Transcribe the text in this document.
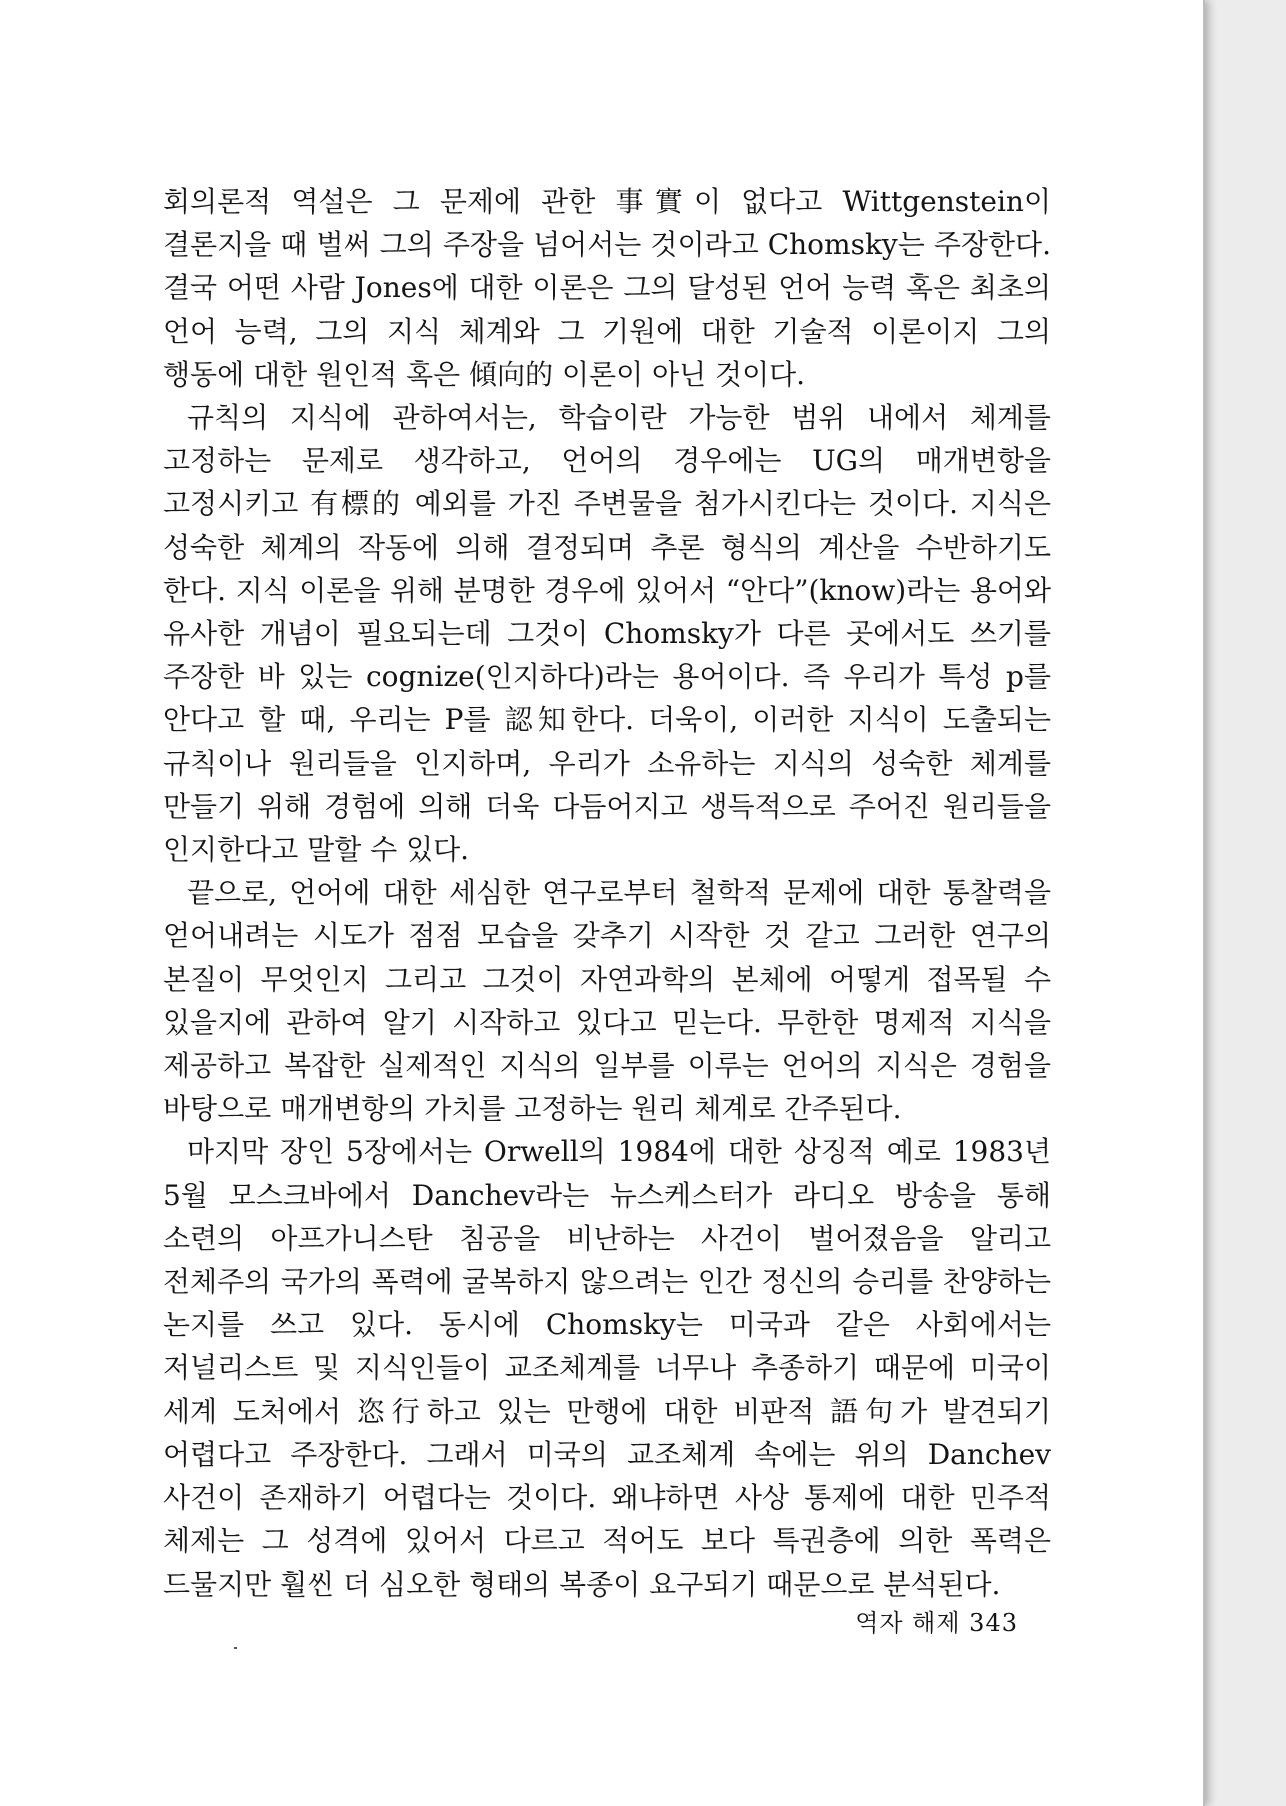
회의론적 역설은 그 문제에 관한 事實이 없다고 Wittgenstein이 결론지을 때 벌써 그의 주장을 넘어서는 것이라고 Chomsky는 주장한다. 결국 어떤 사람 Jones에 대한 이론은 그의 달성된 언어 능력 혹은 최초의 언어 능력, 그의 지식 체계와 그 기원에 대한 기술적 이론이지 그의 행동에 대한 원인적 혹은 傾向的 이론이 아닌 것이다.

규칙의 지식에 관하여서는, 학습이란 가능한 범위 내에서 체계를 고정하는 문제로 생각하고, 언어의 경우에는 UG의 매개변항을 고정시키고 有標的 예외를 가진 주변물을 첨가시킨다는 것이다. 지식은 성숙한 체계의 작동에 의해 결정되며 추론 형식의 계산을 수반하기도 한다. 지식 이론을 위해 분명한 경우에 있어서 “안다”(know)라는 용어와 유사한 개념이 필요되는데 그것이 Chomsky가 다른 곳에서도 쓰기를 주장한 바 있는 cognize(인지하다)라는 용어이다. 즉 우리가 특성 p를 안다고 할 때, 우리는 P를 認知한다. 더욱이, 이러한 지식이 도출되는 규칙이나 원리들을 인지하며, 우리가 소유하는 지식의 성숙한 체계를 만들기 위해 경험에 의해 더욱 다듬어지고 생득적으로 주어진 원리들을 인지한다고 말할 수 있다.

끝으로, 언어에 대한 세심한 연구로부터 철학적 문제에 대한 통찰력을 얻어내려는 시도가 점점 모습을 갖추기 시작한 것 같고 그러한 연구의 본질이 무엇인지 그리고 그것이 자연과학의 본체에 어떻게 접목될 수 있을지에 관하여 알기 시작하고 있다고 믿는다. 무한한 명제적 지식을 제공하고 복잡한 실제적인 지식의 일부를 이루는 언어의 지식은 경험을 바탕으로 매개변항의 가치를 고정하는 원리 체계로 간주된다.

마지막 장인 5장에서는 Orwell의 1984에 대한 상징적 예로 1983년 5월 모스크바에서 Danchev라는 뉴스케스터가 라디오 방송을 통해 소련의 아프가니스탄 침공을 비난하는 사건이 벌어졌음을 알리고 전체주의 국가의 폭력에 굴복하지 않으려는 인간 정신의 승리를 찬양하는 논지를 쓰고 있다. 동시에 Chomsky는 미국과 같은 사회에서는 저널리스트 및 지식인들이 교조체계를 너무나 추종하기 때문에 미국이 세계 도처에서 恣行하고 있는 만행에 대한 비판적 語句가 발견되기 어렵다고 주장한다. 그래서 미국의 교조체계 속에는 위의 Danchev 사건이 존재하기 어렵다는 것이다. 왜냐하면 사상 통제에 대한 민주적 체제는 그 성격에 있어서 다르고 적어도 보다 특권층에 의한 폭력은 드물지만 훨씬 더 심오한 형태의 복종이 요구되기 때문으로 분석된다.

역자 해제 343
